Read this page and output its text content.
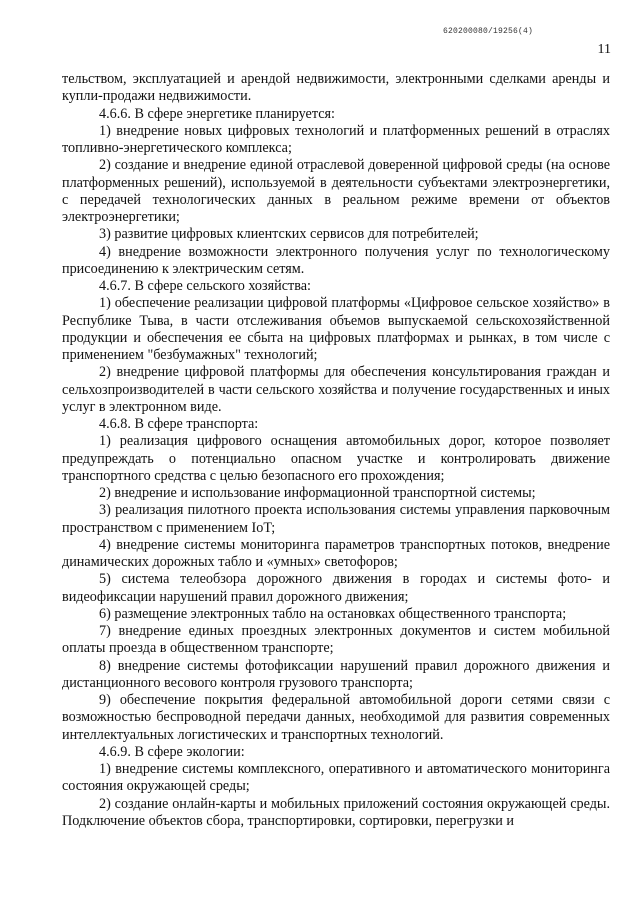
620200080/19256(4)
11

тельством, эксплуатацией и арендой недвижимости, электронными сделками аренды и купли-продажи недвижимости.

4.6.6. В сфере энергетике планируется:

1) внедрение новых цифровых технологий и платформенных решений в отраслях топливно-энергетического комплекса;

2) создание и внедрение единой отраслевой доверенной цифровой среды (на основе платформенных решений), используемой в деятельности субъектами электроэнергетики, с передачей технологических данных в реальном режиме времени от объектов электроэнергетики;

3) развитие цифровых клиентских сервисов для потребителей;

4) внедрение возможности электронного получения услуг по технологическому присоединению к электрическим сетям.

4.6.7. В сфере сельского хозяйства:

1) обеспечение реализации цифровой платформы «Цифровое сельское хозяйство» в Республике Тыва, в части отслеживания объемов выпускаемой сельскохозяйственной продукции и обеспечения ее сбыта на цифровых платформах и рынках, в том числе с применением "безбумажных" технологий;

2) внедрение цифровой платформы для обеспечения консультирования граждан и сельхозпроизводителей в части сельского хозяйства и получение государственных и иных услуг в электронном виде.

4.6.8. В сфере транспорта:

1) реализация цифрового оснащения автомобильных дорог, которое позволяет предупреждать о потенциально опасном участке и контролировать движение транспортного средства с целью безопасного его прохождения;

2) внедрение и использование информационной транспортной системы;

3) реализация пилотного проекта использования системы управления парковочным пространством с применением IoT;

4) внедрение системы мониторинга параметров транспортных потоков, внедрение динамических дорожных табло и «умных» светофоров;

5) система телеобзора дорожного движения в городах и системы фото- и видеофиксации нарушений правил дорожного движения;

6) размещение электронных табло на остановках общественного транспорта;

7) внедрение единых проездных электронных документов и систем мобильной оплаты проезда в общественном транспорте;

8) внедрение системы фотофиксации нарушений правил дорожного движения и дистанционного весового контроля грузового транспорта;

9) обеспечение покрытия федеральной автомобильной дороги сетями связи с возможностью беспроводной передачи данных, необходимой для развития современных интеллектуальных логистических и транспортных технологий.

4.6.9. В сфере экологии:

1) внедрение системы комплексного, оперативного и автоматического мониторинга состояния окружающей среды;

2) создание онлайн-карты и мобильных приложений состояния окружающей среды. Подключение объектов сбора, транспортировки, сортировки, перегрузки и
